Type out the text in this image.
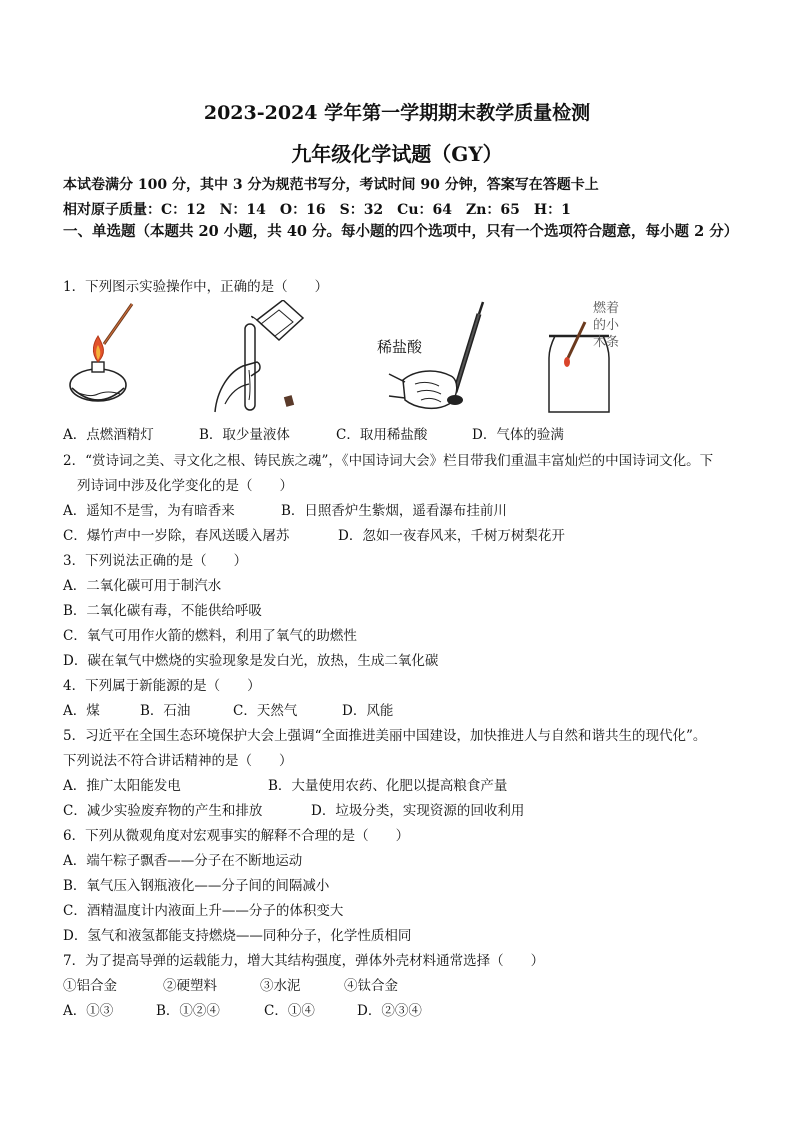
2023-2024 学年第一学期期末教学质量检测
九年级化学试题（GY）
本试卷满分 100 分，其中 3 分为规范书写分，考试时间 90 分钟，答案写在答题卡上
相对原子质量：C：12　N：14　O：16　S：32　Cu：64　Zn：65　H：1
一、单选题（本题共 20 小题，共 40 分。每小题的四个选项中，只有一个选项符合题意，每小题 2 分）
1．下列图示实验操作中，正确的是（　　）
稀盐酸
燃着
的小
木条
A．点燃酒精灯	B．取少量液体	C．取用稀盐酸	D．气体的验满
2．“赏诗词之美、寻文化之根、铸民族之魂”，《中国诗词大会》栏目带我们重温丰富灿烂的中国诗词文化。下
列诗词中涉及化学变化的是（　　）
A．遥知不是雪，为有暗香来	B．日照香炉生紫烟，遥看瀑布挂前川
C．爆竹声中一岁除，春风送暖入屠苏	D．忽如一夜春风来，千树万树梨花开
3．下列说法正确的是（　　）
A．二氧化碳可用于制汽水
B．二氧化碳有毒，不能供给呼吸
C．氧气可用作火箭的燃料，利用了氧气的助燃性
D．碳在氧气中燃烧的实验现象是发白光，放热，生成二氧化碳
4．下列属于新能源的是（　　）
A．煤	B．石油	C．天然气	D．风能
5．习近平在全国生态环境保护大会上强调“全面推进美丽中国建设，加快推进人与自然和谐共生的现代化”。
下列说法不符合讲话精神的是（　　）
A．推广太阳能发电	B．大量使用农药、化肥以提高粮食产量
C．减少实验废弃物的产生和排放	D．垃圾分类，实现资源的回收利用
6．下列从微观角度对宏观事实的解释不合理的是（　　）
A．端午粽子飘香——分子在不断地运动
B．氧气压入钢瓶液化——分子间的间隔减小
C．酒精温度计内液面上升——分子的体积变大
D．氢气和液氢都能支持燃烧——同种分子，化学性质相同
7．为了提高导弹的运载能力，增大其结构强度，弹体外壳材料通常选择（　　）
①铝合金	②硬塑料	③水泥	④钛合金
A．①③	B．①②④	C．①④	D．②③④
